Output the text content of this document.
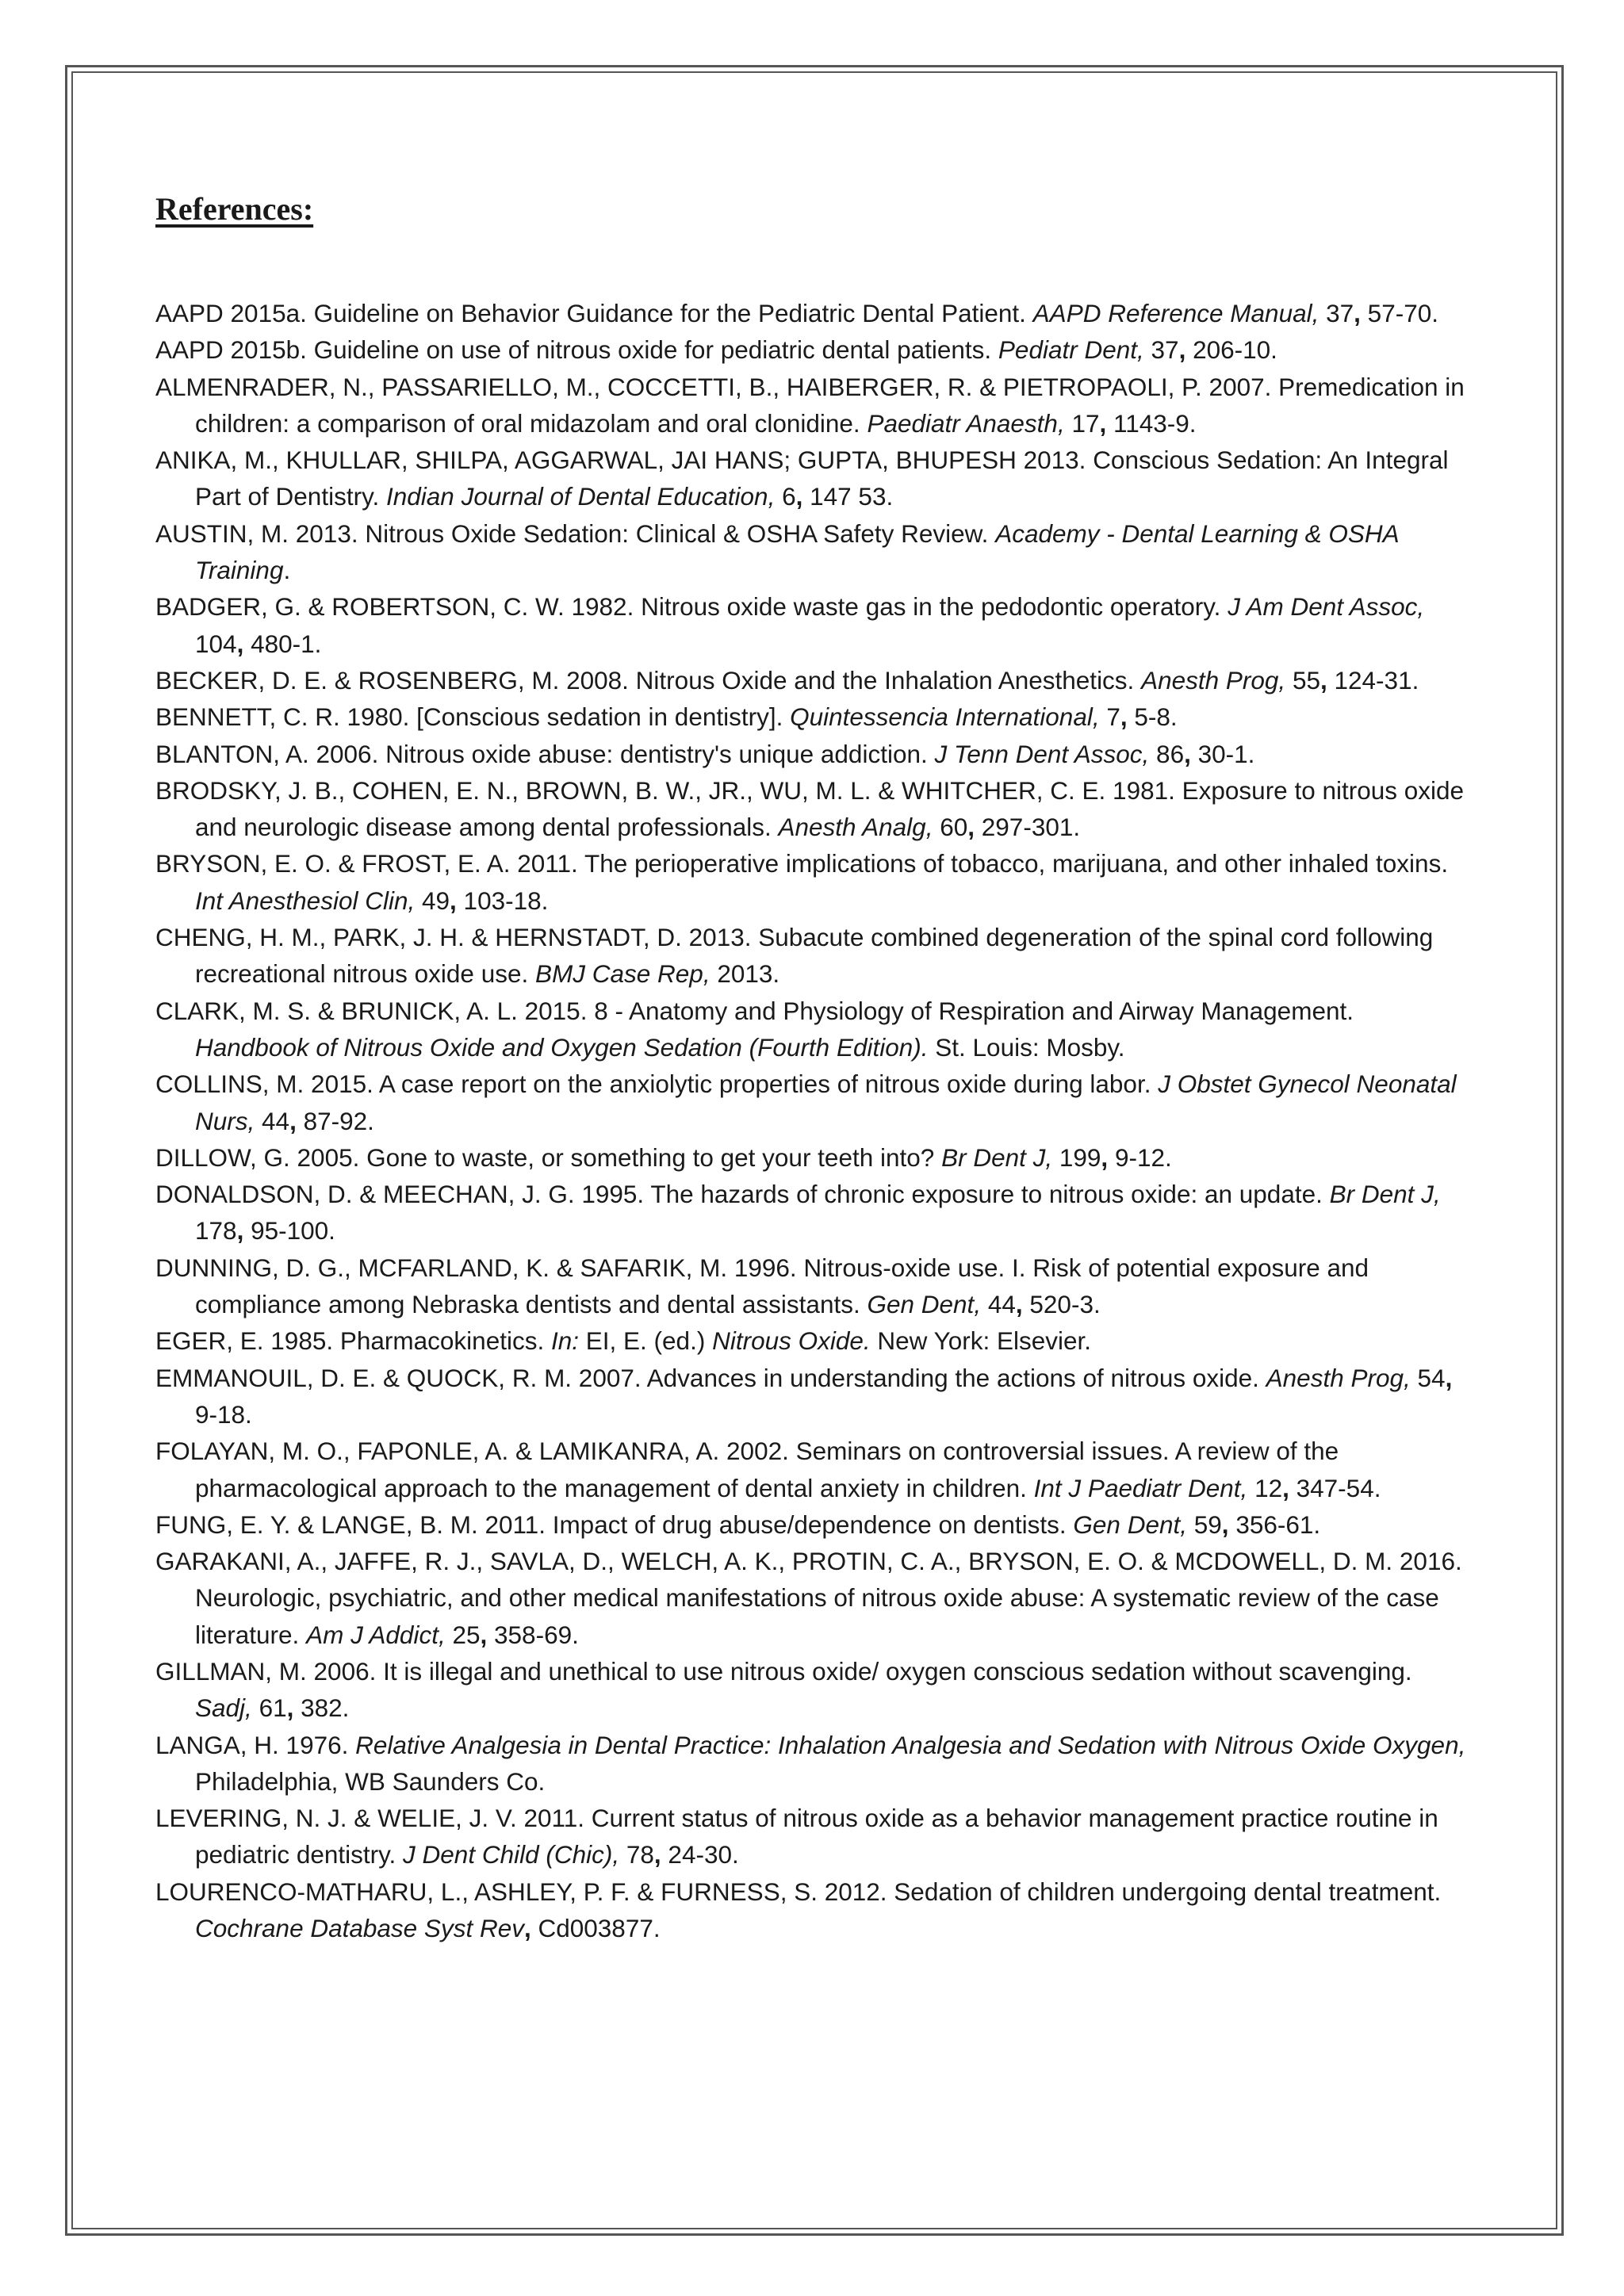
References:
AAPD 2015a. Guideline on Behavior Guidance for the Pediatric Dental Patient. AAPD Reference Manual, 37, 57-70.
AAPD 2015b. Guideline on use of nitrous oxide for pediatric dental patients. Pediatr Dent, 37, 206-10.
ALMENRADER, N., PASSARIELLO, M., COCCETTI, B., HAIBERGER, R. & PIETROPAOLI, P. 2007. Premedication in children: a comparison of oral midazolam and oral clonidine. Paediatr Anaesth, 17, 1143-9.
ANIKA, M., KHULLAR, SHILPA, AGGARWAL, JAI HANS; GUPTA, BHUPESH 2013. Conscious Sedation: An Integral Part of Dentistry. Indian Journal of Dental Education, 6, 147 53.
AUSTIN, M. 2013. Nitrous Oxide Sedation: Clinical & OSHA Safety Review. Academy - Dental Learning & OSHA Training.
BADGER, G. & ROBERTSON, C. W. 1982. Nitrous oxide waste gas in the pedodontic operatory. J Am Dent Assoc, 104, 480-1.
BECKER, D. E. & ROSENBERG, M. 2008. Nitrous Oxide and the Inhalation Anesthetics. Anesth Prog, 55, 124-31.
BENNETT, C. R. 1980. [Conscious sedation in dentistry]. Quintessencia International, 7, 5-8.
BLANTON, A. 2006. Nitrous oxide abuse: dentistry's unique addiction. J Tenn Dent Assoc, 86, 30-1.
BRODSKY, J. B., COHEN, E. N., BROWN, B. W., JR., WU, M. L. & WHITCHER, C. E. 1981. Exposure to nitrous oxide and neurologic disease among dental professionals. Anesth Analg, 60, 297-301.
BRYSON, E. O. & FROST, E. A. 2011. The perioperative implications of tobacco, marijuana, and other inhaled toxins. Int Anesthesiol Clin, 49, 103-18.
CHENG, H. M., PARK, J. H. & HERNSTADT, D. 2013. Subacute combined degeneration of the spinal cord following recreational nitrous oxide use. BMJ Case Rep, 2013.
CLARK, M. S. & BRUNICK, A. L. 2015. 8 - Anatomy and Physiology of Respiration and Airway Management. Handbook of Nitrous Oxide and Oxygen Sedation (Fourth Edition). St. Louis: Mosby.
COLLINS, M. 2015. A case report on the anxiolytic properties of nitrous oxide during labor. J Obstet Gynecol Neonatal Nurs, 44, 87-92.
DILLOW, G. 2005. Gone to waste, or something to get your teeth into? Br Dent J, 199, 9-12.
DONALDSON, D. & MEECHAN, J. G. 1995. The hazards of chronic exposure to nitrous oxide: an update. Br Dent J, 178, 95-100.
DUNNING, D. G., MCFARLAND, K. & SAFARIK, M. 1996. Nitrous-oxide use. I. Risk of potential exposure and compliance among Nebraska dentists and dental assistants. Gen Dent, 44, 520-3.
EGER, E. 1985. Pharmacokinetics. In: EI, E. (ed.) Nitrous Oxide. New York: Elsevier.
EMMANOUIL, D. E. & QUOCK, R. M. 2007. Advances in understanding the actions of nitrous oxide. Anesth Prog, 54, 9-18.
FOLAYAN, M. O., FAPONLE, A. & LAMIKANRA, A. 2002. Seminars on controversial issues. A review of the pharmacological approach to the management of dental anxiety in children. Int J Paediatr Dent, 12, 347-54.
FUNG, E. Y. & LANGE, B. M. 2011. Impact of drug abuse/dependence on dentists. Gen Dent, 59, 356-61.
GARAKANI, A., JAFFE, R. J., SAVLA, D., WELCH, A. K., PROTIN, C. A., BRYSON, E. O. & MCDOWELL, D. M. 2016. Neurologic, psychiatric, and other medical manifestations of nitrous oxide abuse: A systematic review of the case literature. Am J Addict, 25, 358-69.
GILLMAN, M. 2006. It is illegal and unethical to use nitrous oxide/ oxygen conscious sedation without scavenging. Sadj, 61, 382.
LANGA, H. 1976. Relative Analgesia in Dental Practice: Inhalation Analgesia and Sedation with Nitrous Oxide Oxygen, Philadelphia, WB Saunders Co.
LEVERING, N. J. & WELIE, J. V. 2011. Current status of nitrous oxide as a behavior management practice routine in pediatric dentistry. J Dent Child (Chic), 78, 24-30.
LOURENCO-MATHARU, L., ASHLEY, P. F. & FURNESS, S. 2012. Sedation of children undergoing dental treatment. Cochrane Database Syst Rev, Cd003877.
